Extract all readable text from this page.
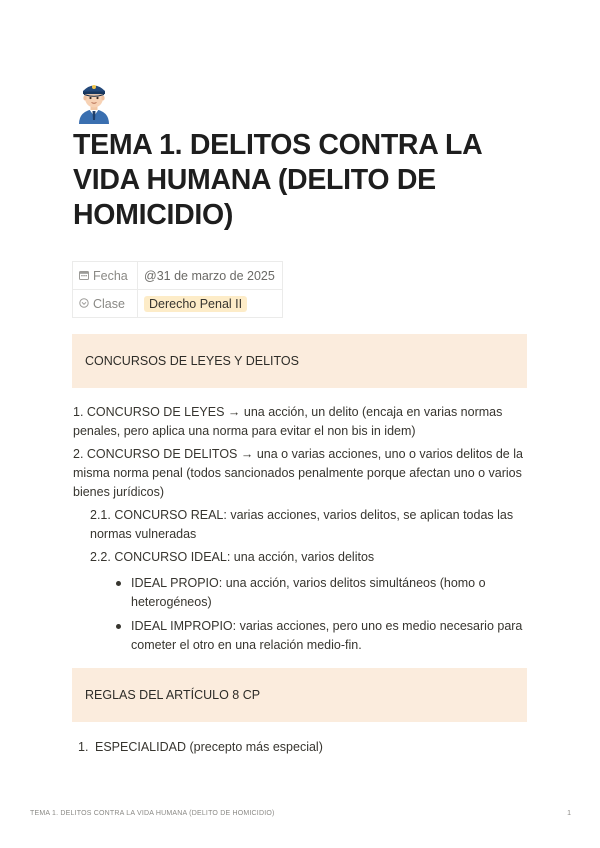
TEMA 1. DELITOS CONTRA LA VIDA HUMANA (DELITO DE HOMICIDIO)
Fecha	@31 de marzo de 2025
Clase	Derecho Penal II
CONCURSOS DE LEYES Y DELITOS

1. CONCURSO DE LEYES → una acción, un delito (encaja en varias normas penales, pero aplica una norma para evitar el non bis in idem)

2. CONCURSO DE DELITOS → una o varias acciones, uno o varios delitos de la misma norma penal (todos sancionados penalmente porque afectan uno o varios bienes jurídicos)

2.1. CONCURSO REAL: varias acciones, varios delitos, se aplican todas las normas vulneradas

2.2. CONCURSO IDEAL: una acción, varios delitos

IDEAL PROPIO: una acción, varios delitos simultáneos (homo o heterogéneos)

IDEAL IMPROPIO: varias acciones, pero uno es medio necesario para cometer el otro en una relación medio-fin.

REGLAS DEL ARTÍCULO 8 CP

1. ESPECIALIDAD (precepto más especial)

TEMA 1. DELITOS CONTRA LA VIDA HUMANA (DELITO DE HOMICIDIO)	1
